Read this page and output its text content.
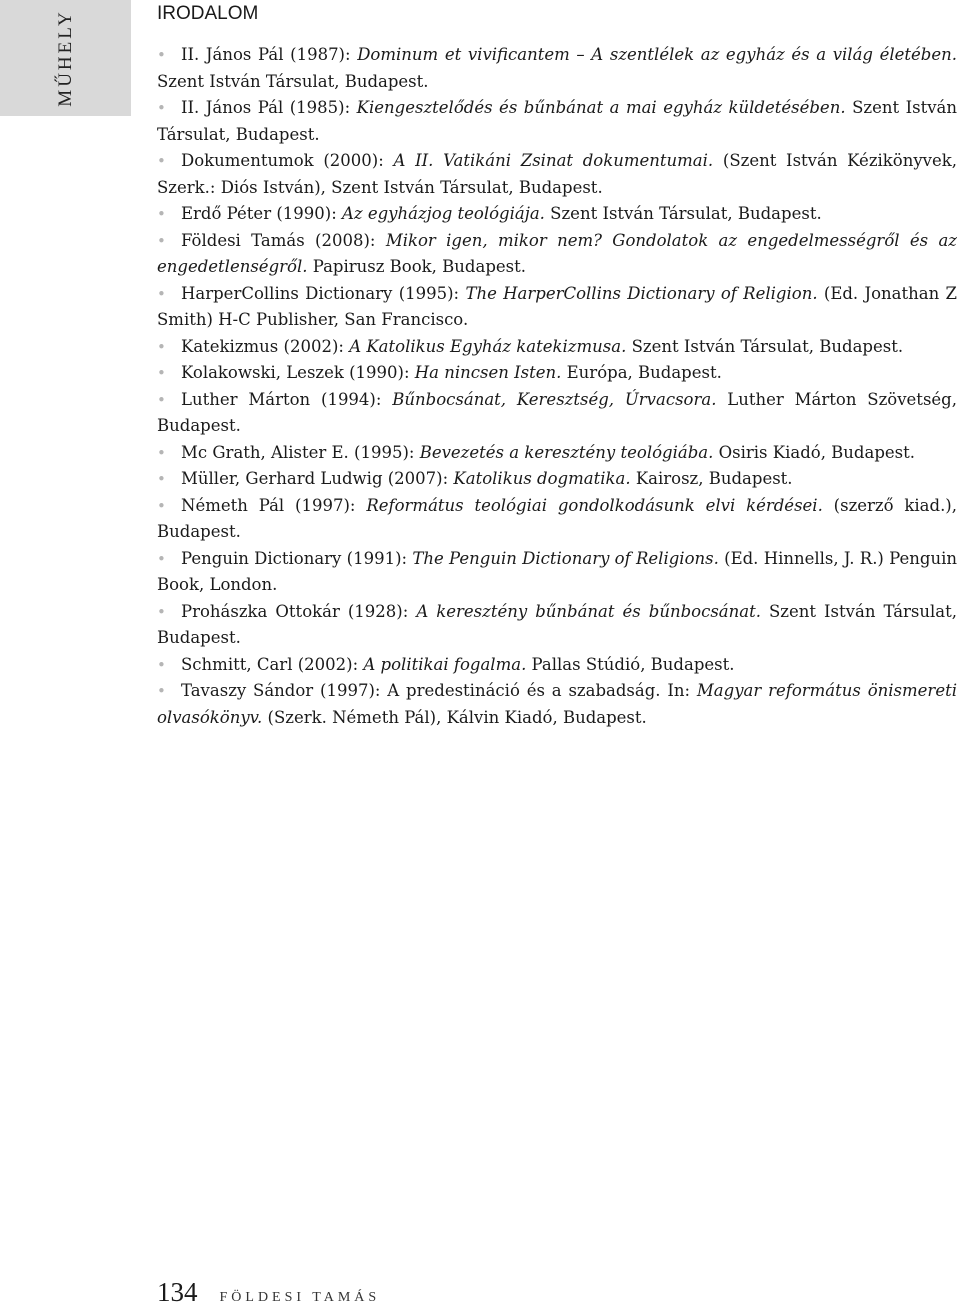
MŰHELY	IRODALOM
• II. János Pál (1987): Dominum et vivificantem – A szentlélek az egyház és a világ életében. Szent István Társulat, Budapest.
• II. János Pál (1985): Kiengesztelődés és bűnbánat a mai egyház küldetésében. Szent István Társulat, Budapest.
• Dokumentumok (2000): A II. Vatikáni Zsinat dokumentumai. (Szent István Kézikönyvek, Szerk.: Diós István), Szent István Társulat, Budapest.
• Erdő Péter (1990): Az egyházjog teológiája. Szent István Társulat, Budapest.
• Földesi Tamás (2008): Mikor igen, mikor nem? Gondolatok az engedelmességről és az engedetlenségről. Papirusz Book, Budapest.
• HarperCollins Dictionary (1995): The HarperCollins Dictionary of Religion. (Ed. Jonathan Z Smith) H-C Publisher, San Francisco.
• Katekizmus (2002): A Katolikus Egyház katekizmusa. Szent István Társulat, Budapest.
• Kolakowski, Leszek (1990): Ha nincsen Isten. Európa, Budapest.
• Luther Márton (1994): Bűnbocsánat, Keresztség, Úrvacsora. Luther Márton Szövetség, Budapest.
• Mc Grath, Alister E. (1995): Bevezetés a keresztény teológiába. Osiris Kiadó, Budapest.
• Müller, Gerhard Ludwig (2007): Katolikus dogmatika. Kairosz, Budapest.
• Németh Pál (1997): Református teológiai gondolkodásunk elvi kérdései. (szerző kiad.), Budapest.
• Penguin Dictionary (1991): The Penguin Dictionary of Religions. (Ed. Hinnells, J. R.) Penguin Book, London.
• Prohászka Ottokár (1928): A keresztény bűnbánat és bűnbocsánat. Szent István Társulat, Budapest.
• Schmitt, Carl (2002): A politikai fogalma. Pallas Stúdió, Budapest.
• Tavaszy Sándor (1997): A predestináció és a szabadság. In: Magyar református önismereti olvasókönyv. (Szerk. Németh Pál), Kálvin Kiadó, Budapest.
134 FÖLDESI TAMÁS
